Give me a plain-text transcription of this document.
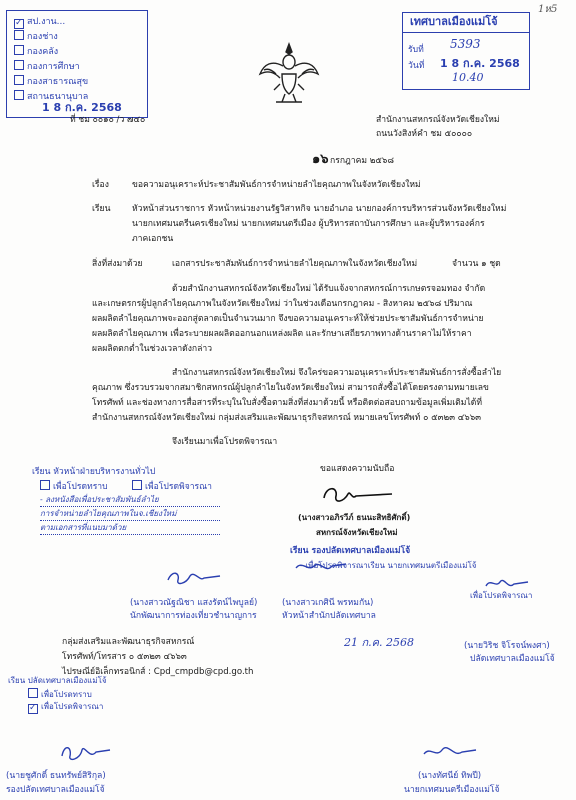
1ห5
✓สป.งาน...
กองช่าง
กองคลัง
กองการศึกษา
กองสาธารณสุข
สถานธนานุบาล
1 8 ก.ค. 2568
เทศบาลเมืองแม่โจ้
รับที่ 5393
วันที่ 1 8 ก.ค. 2568
10.40
ที่ ชม ๐๐๑๐ /ว ๗๔๐	สำนักงานสหกรณ์จังหวัดเชียงใหม่
ถนนวังสิงห์คำ ชม ๕๐๐๐๐
๑๖ กรกฎาคม ๒๕๖๘
เรื่อง	ขอความอนุเคราะห์ประชาสัมพันธ์การจำหน่ายลำไยคุณภาพในจังหวัดเชียงใหม่
เรียน	หัวหน้าส่วนราชการ หัวหน้าหน่วยงานรัฐวิสาหกิจ นายอำเภอ นายกองค์การบริหารส่วนจังหวัดเชียงใหม่
นายกเทศมนตรีนครเชียงใหม่ นายกเทศมนตรีเมือง ผู้บริหารสถาบันการศึกษา และผู้บริหารองค์กร
ภาคเอกชน
สิ่งที่ส่งมาด้วย	เอกสารประชาสัมพันธ์การจำหน่ายลำไยคุณภาพในจังหวัดเชียงใหม่	จำนวน ๑ ชุด
ด้วยสำนักงานสหกรณ์จังหวัดเชียงใหม่ ได้รับแจ้งจากสหกรณ์การเกษตรจอมทอง จำกัด
และเกษตรกรผู้ปลูกลำไยคุณภาพในจังหวัดเชียงใหม่ ว่าในช่วงเดือนกรกฎาคม - สิงหาคม ๒๕๖๘ ปริมาณ
ผลผลิตลำไยคุณภาพจะออกสู่ตลาดเป็นจำนวนมาก จึงขอความอนุเคราะห์ให้ช่วยประชาสัมพันธ์การจำหน่าย
ผลผลิตลำไยคุณภาพ เพื่อระบายผลผลิตออกนอกแหล่งผลิต และรักษาเสถียรภาพทางด้านราคาไม่ให้ราคา
ผลผลิตตกต่ำในช่วงเวลาดังกล่าว
สำนักงานสหกรณ์จังหวัดเชียงใหม่ จึงใคร่ขอความอนุเคราะห์ประชาสัมพันธ์การสั่งซื้อลำไย
คุณภาพ ซึ่งรวบรวมจากสมาชิกสหกรณ์ผู้ปลูกลำไยในจังหวัดเชียงใหม่ สามารถสั่งซื้อได้โดยตรงตามหมายเลข
โทรศัพท์ และช่องทางการสื่อสารที่ระบุในใบสั่งซื้อตามสิ่งที่ส่งมาด้วยนี้ หรือติดต่อสอบถามข้อมูลเพิ่มเติมได้ที่
สำนักงานสหกรณ์จังหวัดเชียงใหม่ กลุ่มส่งเสริมและพัฒนาธุรกิจสหกรณ์ หมายเลขโทรศัพท์ ๐ ๕๓๒๓ ๔๖๖๓
จึงเรียนมาเพื่อโปรดพิจารณา
ขอแสดงความนับถือ
(นางสาวอภิรวีภ์ ธนนะสิทธิศักดิ์)
สหกรณ์จังหวัดเชียงใหม่
เรียน หัวหน้าฝ่ายบริหารงานทั่วไป
เพื่อโปรดทราบ	เพื่อโปรดพิจารณา
- ลงหนังสือเพื่อประชาสัมพันธ์ลำไย
การจำหน่ายลำไยคุณภาพในจ.เชียงใหม่
ตามเอกสารที่แนบมาด้วย
(นางสาวณัฐณิชา แสงรัตน์ไพบูลย์)
นักพัฒนาการท่องเที่ยวชำนาญการ
(นางสาวเกศินี พรหมกัน)
หัวหน้าสำนักปลัดเทศบาล
เรียน รองปลัดเทศบาลเมืองแม่โจ้
- เพื่อโปรดพิจารณาเรียน นายกเทศมนตรีเมืองแม่โจ้
เพื่อโปรดพิจารณา
21 ก.ค. 2568	(นายวิริช จิโรจน์พงศา)
ปลัดเทศบาลเมืองแม่โจ้
กลุ่มส่งเสริมและพัฒนาธุรกิจสหกรณ์
โทรศัพท์/โทรสาร ๐ ๕๓๒๓ ๔๖๖๓
ไปรษณีย์อิเล็กทรอนิกส์ : Cpd_cmpdb@cpd.go.th
เรียน ปลัดเทศบาลเมืองแม่โจ้
เพื่อโปรดทราบ
✓เพื่อโปรดพิจารณา
(นายชูศักดิ์ ธนทรัพย์สิริกุล)
รองปลัดเทศบาลเมืองแม่โจ้
(นางทัศนีย์ ทิพปี)
นายกเทศมนตรีเมืองแม่โจ้
